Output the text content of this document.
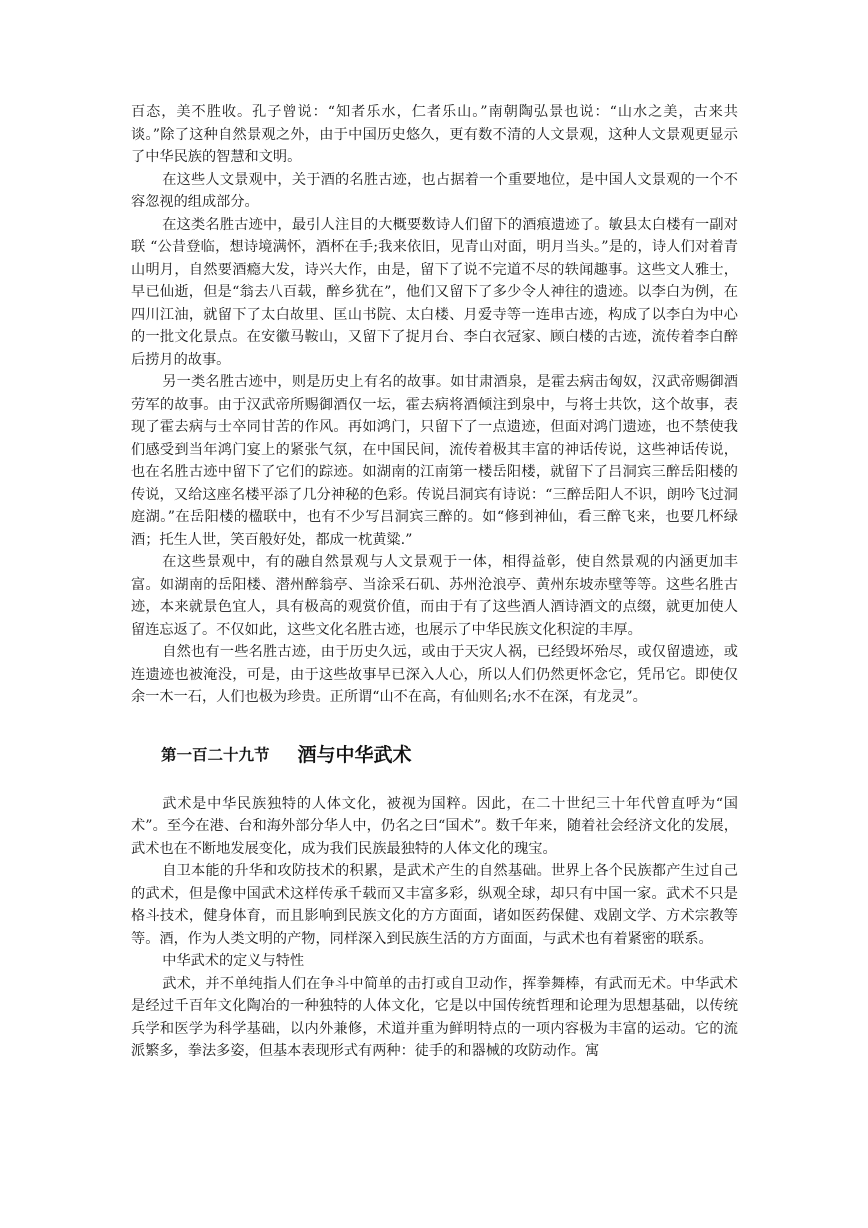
百态，美不胜收。孔子曾说：“知者乐水，仁者乐山。”南朝陶弘景也说：“山水之美，古来共谈。”除了这种自然景观之外，由于中国历史悠久，更有数不清的人文景观，这种人文景观更显示了中华民族的智慧和文明。

在这些人文景观中，关于酒的名胜古迹，也占据着一个重要地位，是中国人文景观的一个不容忽视的组成部分。

在这类名胜古迹中，最引人注目的大概要数诗人们留下的酒痕遗迹了。敏县太白楼有一副对联 “公昔登临，想诗境满怀，酒杯在手;我来依旧，见青山对面，明月当头。”是的，诗人们对着青山明月，自然要酒瘾大发，诗兴大作，由是，留下了说不完道不尽的轶闻趣事。这些文人雅士，早已仙逝，但是“翁去八百载，醉乡犹在”，他们又留下了多少令人神往的遗迹。以李白为例，在四川江油，就留下了太白故里、匡山书院、太白楼、月爱寺等一连串古迹，构成了以李白为中心的一批文化景点。在安徽马鞍山，又留下了捉月台、李白衣冠家、顾白楼的古迹，流传着李白醉后捞月的故事。

另一类名胜古迹中，则是历史上有名的故事。如甘肃酒泉，是霍去病击匈奴，汉武帝赐御酒劳军的故事。由于汉武帝所赐御酒仅一坛，霍去病将酒倾注到泉中，与将士共饮，这个故事，表现了霍去病与士卒同甘苦的作风。再如鸿门，只留下了一点遗迹，但面对鸿门遗迹，也不禁使我们感受到当年鸿门宴上的紧张气氛，在中国民间，流传着极其丰富的神话传说，这些神话传说，也在名胜古迹中留下了它们的踪迹。如湖南的江南第一楼岳阳楼，就留下了吕洞宾三醉岳阳楼的传说，又给这座名楼平添了几分神秘的色彩。传说吕洞宾有诗说：“三醉岳阳人不识，朗吟飞过洞庭湖。”在岳阳楼的楹联中，也有不少写吕洞宾三醉的。如“修到神仙，看三醉飞来，也要几杯绿酒；托生人世，笑百般好处，都成一枕黄粱.”

在这些景观中，有的融自然景观与人文景观于一体，相得益彰，使自然景观的内涵更加丰富。如湖南的岳阳楼、潜州醉翁亭、当涂采石矶、苏州沧浪亭、黄州东坡赤壁等等。这些名胜古迹，本来就景色宜人，具有极高的观赏价值，而由于有了这些酒人酒诗酒文的点缀，就更加使人留连忘返了。不仅如此，这些文化名胜古迹，也展示了中华民族文化积淀的丰厚。

自然也有一些名胜古迹，由于历史久远，或由于天灾人祸，已经毁坏殆尽，或仅留遗迹，或连遗迹也被淹没，可是，由于这些故事早已深入人心，所以人们仍然更怀念它，凭吊它。即使仅余一木一石，人们也极为珍贵。正所谓“山不在高，有仙则名;水不在深，有龙灵”。

第一百二十九节 酒与中华武术

武术是中华民族独特的人体文化，被视为国粹。因此，在二十世纪三十年代曾直呼为“国术”。至今在港、台和海外部分华人中，仍名之曰“国术”。数千年来，随着社会经济文化的发展，武术也在不断地发展变化，成为我们民族最独特的人体文化的瑰宝。

自卫本能的升华和攻防技术的积累，是武术产生的自然基础。世界上各个民族都产生过自己的武术，但是像中国武术这样传承千载而又丰富多彩，纵观全球，却只有中国一家。武术不只是格斗技术，健身体育，而且影响到民族文化的方方面面，诸如医药保健、戏剧文学、方术宗教等等。酒，作为人类文明的产物，同样深入到民族生活的方方面面，与武术也有着紧密的联系。

中华武术的定义与特性

武术，并不单纯指人们在争斗中简单的击打或自卫动作，挥拳舞棒，有武而无术。中华武术是经过千百年文化陶冶的一种独特的人体文化，它是以中国传统哲理和论理为思想基础，以传统兵学和医学为科学基础，以内外兼修，术道并重为鲜明特点的一项内容极为丰富的运动。它的流派繁多，拳法多姿，但基本表现形式有两种：徒手的和器械的攻防动作。寓
